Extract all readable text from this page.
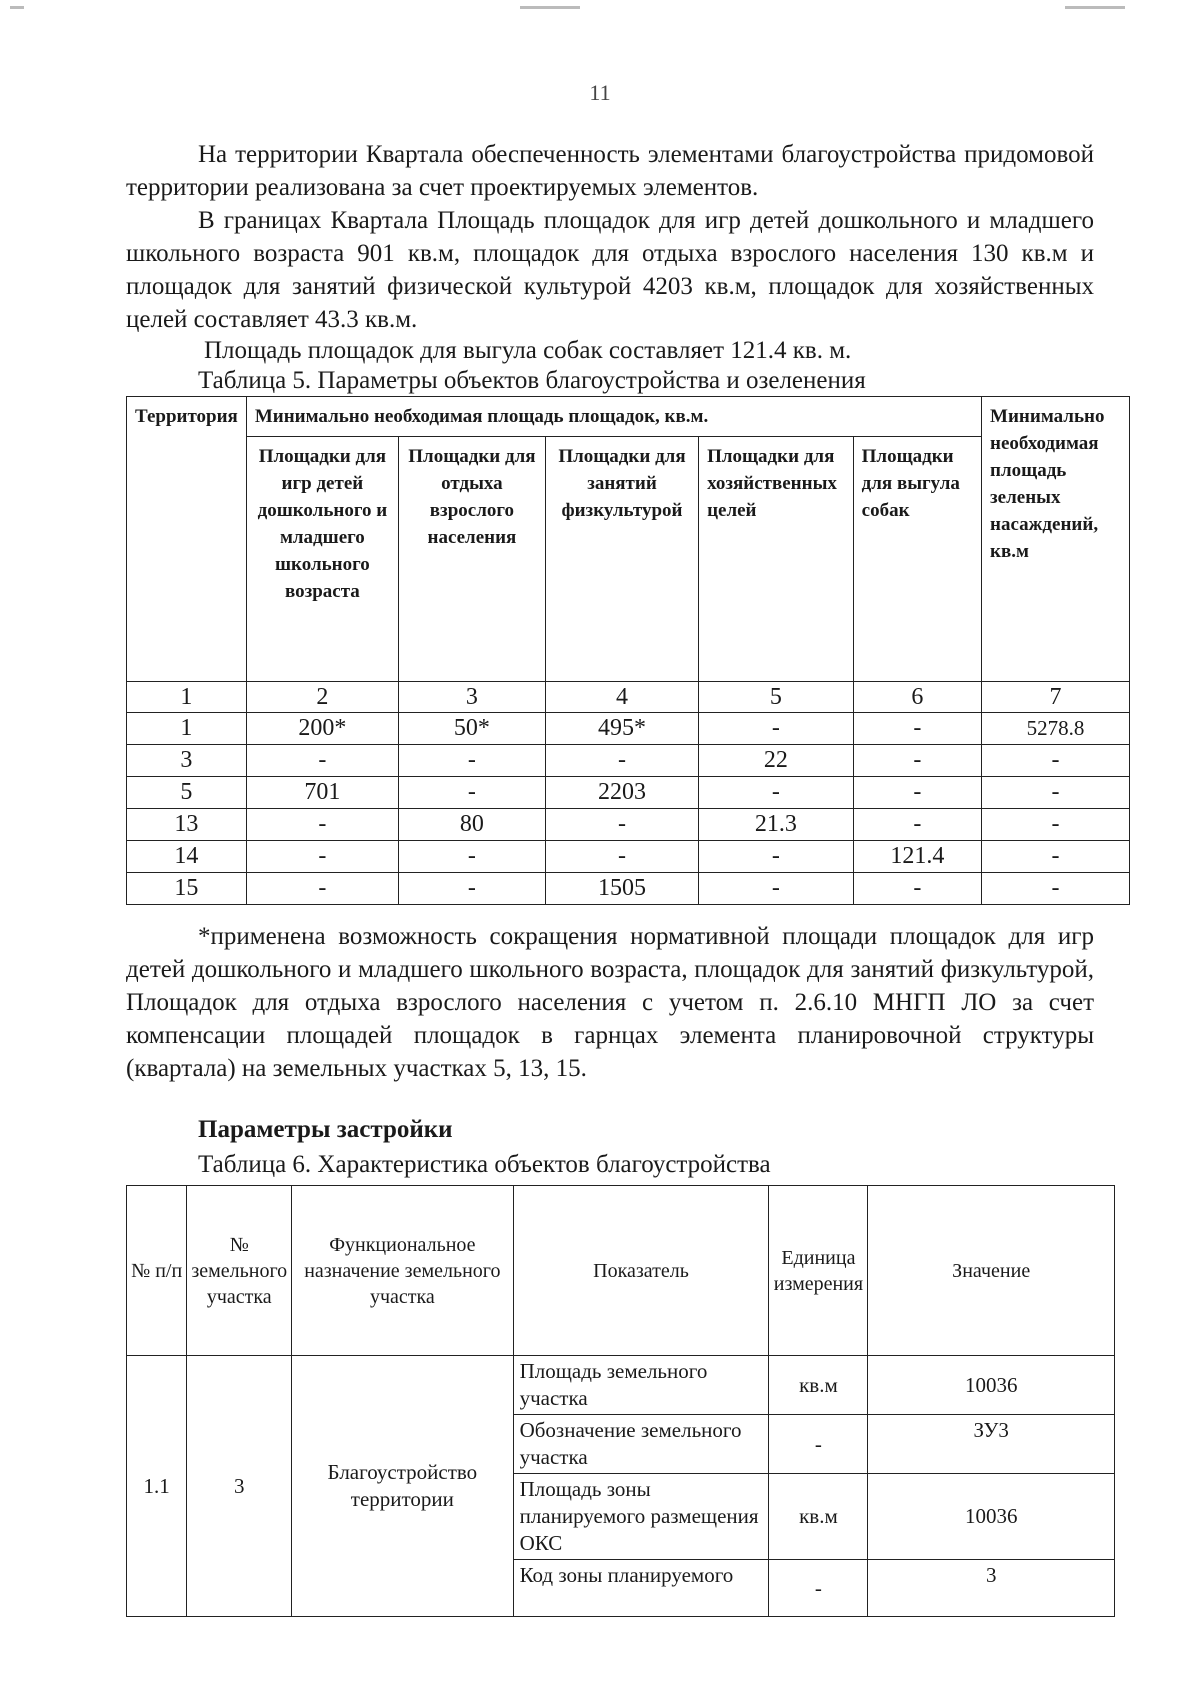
11
На территории Квартала обеспеченность элементами благоустройства придомовой территории реализована за счет проектируемых элементов.
В границах Квартала Площадь площадок для игр детей дошкольного и младшего школьного возраста 901 кв.м, площадок для отдыха взрослого населения 130 кв.м и площадок для занятий физической культурой 4203 кв.м, площадок для хозяйственных целей составляет 43.3 кв.м.
Площадь площадок для выгула собак составляет 121.4 кв. м.
Таблица 5. Параметры объектов благоустройства и озеленения
Территория	Минимально необходимая площадь площадок, кв.м.					Минимально необходимая площадь зеленых насаждений, кв.м
	Площадки для игр детей дошкольного и младшего школьного возраста	Площадки для отдыха взрослого населения	Площадки для занятий физкультурой	Площадки для хозяйственных целей	Площадки для выгула собак	
1	2	3	4	5	6	7
1	200*	50*	495*	-	-	5278.8
3	-	-	-	22	-	-
5	701	-	2203	-	-	-
13	-	80	-	21.3	-	-
14	-	-	-	-	121.4	-
15	-	-	1505	-	-	-
*применена возможность сокращения нормативной площади площадок для игр детей дошкольного и младшего школьного возраста, площадок для занятий физкультурой, Площадок для отдыха взрослого населения с учетом п. 2.6.10 МНГП ЛО за счет компенсации площадей площадок в гарнцах элемента планировочной структуры (квартала) на земельных участках 5, 13, 15.
Параметры застройки
Таблица 6. Характеристика объектов благоустройства
№ п/п	№ земельного участка	Функциональное назначение земельного участка	Показатель	Единица измерения	Значение
1.1	3	Благоустройство территории	Площадь земельного участка	кв.м	10036
			Обозначение земельного участка	-	ЗУ3
			Площадь зоны планируемого размещения ОКС	кв.м	10036
			Код зоны планируемого	-	3
